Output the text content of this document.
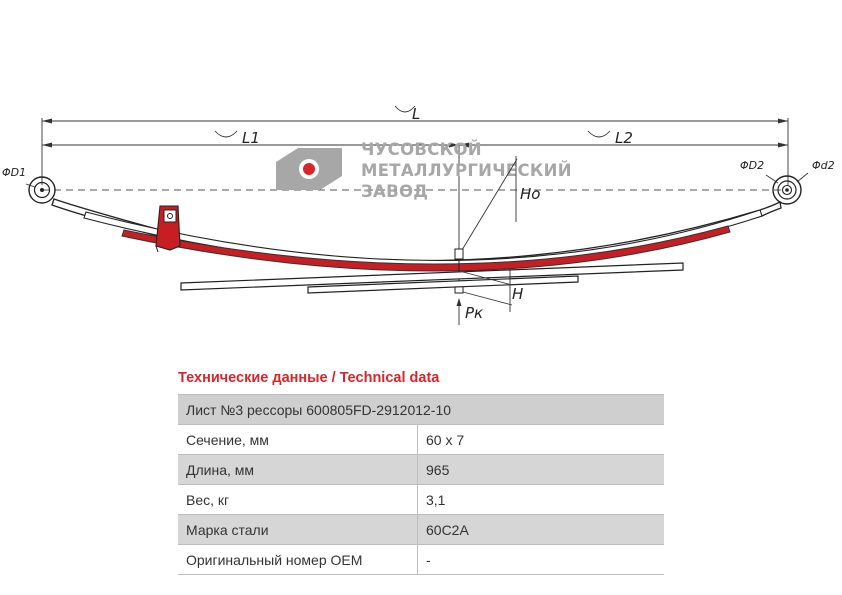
L
L1	L2
ЧУСОВСКОЙ
МЕТАЛЛУРГИЧЕСКИЙ
ЗАВОД	Ho
ΦD1
ΦD2	Φd2
H
Pк
Технические данные / Technical data
Лист №3 рессоры 600805FD-2912012-10	
Сечение, мм	60 x 7
Длина, мм	965
Вес, кг	3,1
Марка стали	60С2А
Оригинальный номер OEM	-
